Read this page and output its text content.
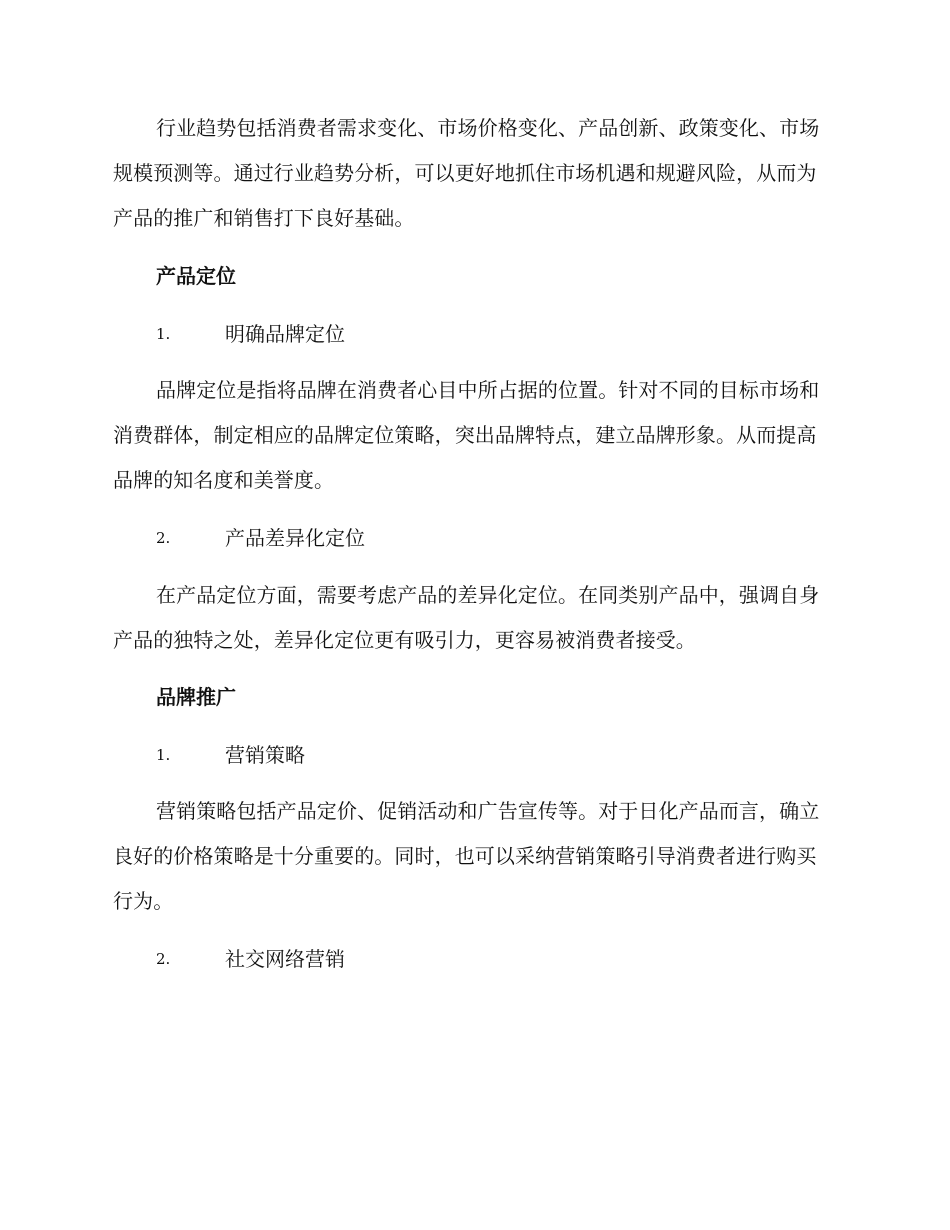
行业趋势包括消费者需求变化、市场价格变化、产品创新、政策变化、市场规模预测等。通过行业趋势分析，可以更好地抓住市场机遇和规避风险，从而为产品的推广和销售打下良好基础。

产品定位
1.	明确品牌定位

品牌定位是指将品牌在消费者心目中所占据的位置。针对不同的目标市场和消费群体，制定相应的品牌定位策略，突出品牌特点，建立品牌形象。从而提高品牌的知名度和美誉度。

2.	产品差异化定位

在产品定位方面，需要考虑产品的差异化定位。在同类别产品中，强调自身产品的独特之处，差异化定位更有吸引力，更容易被消费者接受。

品牌推广
1.	营销策略

营销策略包括产品定价、促销活动和广告宣传等。对于日化产品而言，确立良好的价格策略是十分重要的。同时，也可以采纳营销策略引导消费者进行购买行为。

2.	社交网络营销
